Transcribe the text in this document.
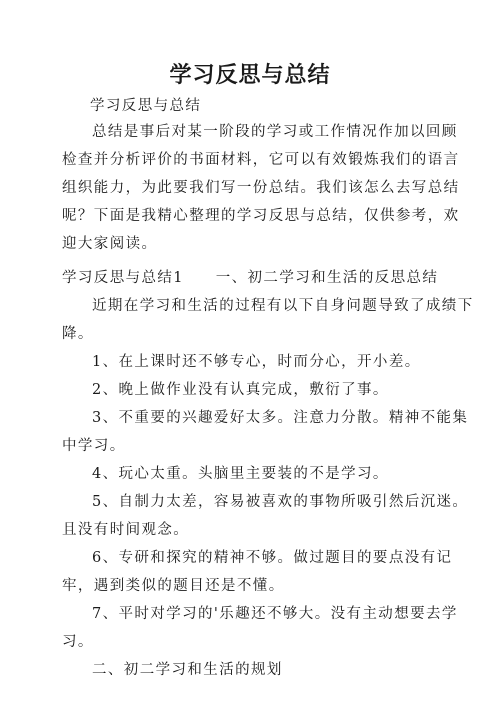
学习反思与总结
学习反思与总结
总结是事后对某一阶段的学习或工作情况作加以回顾
检查并分析评价的书面材料，它可以有效锻炼我们的语言
组织能力，为此要我们写一份总结。我们该怎么去写总结
呢？下面是我精心整理的学习反思与总结，仅供参考，欢
迎大家阅读。
学习反思与总结1　　一、初二学习和生活的反思总结
近期在学习和生活的过程有以下自身问题导致了成绩下
降。
1、在上课时还不够专心，时而分心，开小差。
2、晚上做作业没有认真完成，敷衍了事。
3、不重要的兴趣爱好太多。注意力分散。精神不能集
中学习。
4、玩心太重。头脑里主要装的不是学习。
5、自制力太差，容易被喜欢的事物所吸引然后沉迷。
且没有时间观念。
6、专研和探究的精神不够。做过题目的要点没有记
牢，遇到类似的题目还是不懂。
7、平时对学习的'乐趣还不够大。没有主动想要去学
习。
二、初二学习和生活的规划
